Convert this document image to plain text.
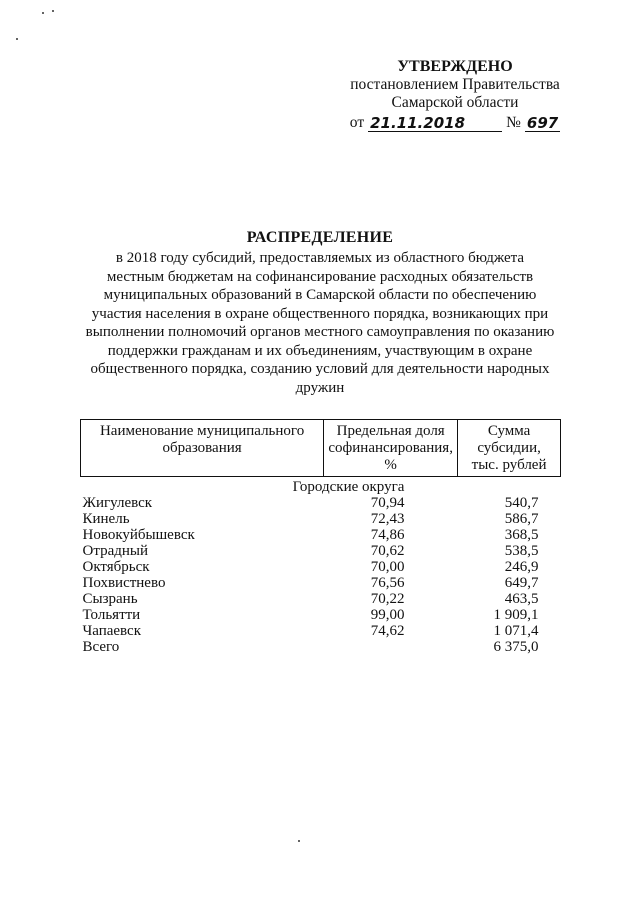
УТВЕРЖДЕНО
постановлением Правительства
Самарской области
от 21.11.2018	№ 697
РАСПРЕДЕЛЕНИЕ
в 2018 году субсидий, предоставляемых из областного бюджета
местным бюджетам на софинансирование расходных обязательств
муниципальных образований в Самарской области по обеспечению
участия населения в охране общественного порядка, возникающих при
выполнении полномочий органов местного самоуправления по оказанию
поддержки гражданам и их объединениям, участвующим в охране
общественного порядка, созданию условий для деятельности народных
дружин
Наименование муниципального образования	Предельная доля софинансирования, %	Сумма субсидии, тыс. рублей
Городские округа		
Жигулевск	70,94	540,7
Кинель	72,43	586,7
Новокуйбышевск	74,86	368,5
Отрадный	70,62	538,5
Октябрьск	70,00	246,9
Похвистнево	76,56	649,7
Сызрань	70,22	463,5
Тольятти	99,00	1 909,1
Чапаевск	74,62	1 071,4
Всего		6 375,0
